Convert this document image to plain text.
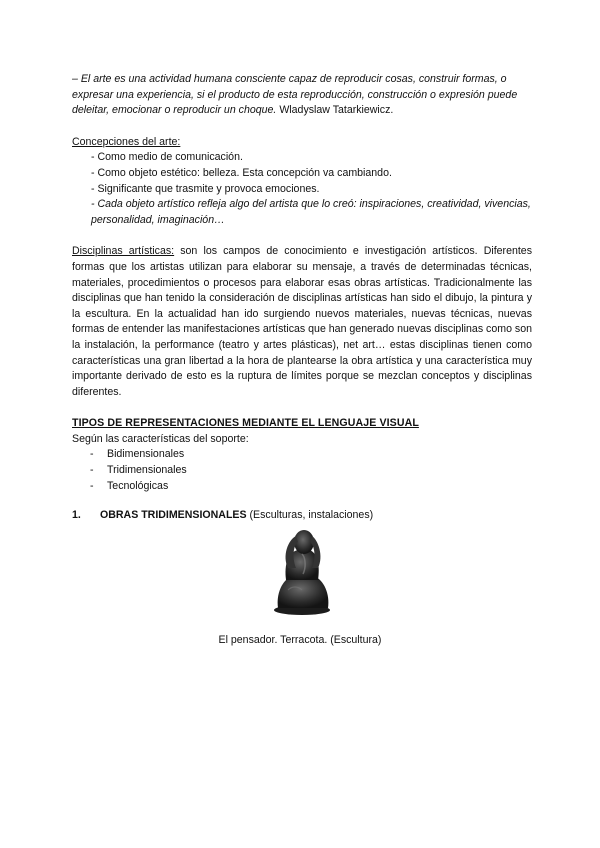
– El arte es una actividad humana consciente capaz de reproducir cosas, construir formas, o expresar una experiencia, si el producto de esta reproducción, construcción o expresión puede deleitar, emocionar o reproducir un choque. Wladyslaw Tatarkiewicz.

Concepciones del arte:

- Como medio de comunicación.

- Como objeto estético: belleza. Esta concepción va cambiando.

- Significante que trasmite y provoca emociones.

- Cada objeto artístico refleja algo del artista que lo creó: inspiraciones, creatividad, vivencias, personalidad, imaginación…

Disciplinas artísticas: son los campos de conocimiento e investigación artísticos. Diferentes formas que los artistas utilizan para elaborar su mensaje, a través de determinadas técnicas, materiales, procedimientos o procesos para elaborar esas obras artísticas. Tradicionalmente las disciplinas que han tenido la consideración de disciplinas artísticas han sido el dibujo, la pintura y la escultura. En la actualidad han ido surgiendo nuevos materiales, nuevas técnicas, nuevas formas de entender las manifestaciones artísticas que han generado nuevas disciplinas como son la instalación, la performance (teatro y artes plásticas), net art… estas disciplinas tienen como características una gran libertad a la hora de plantearse la obra artística y una característica muy importante derivado de esto es la ruptura de límites porque se mezclan conceptos y disciplinas diferentes.

TIPOS DE REPRESENTACIONES MEDIANTE EL LENGUAJE VISUAL

Según las características del soporte:

- Bidimensionales
- Tridimensionales
- Tecnológicas

1. OBRAS TRIDIMENSIONALES (Esculturas, instalaciones)

El pensador. Terracota. (Escultura)
